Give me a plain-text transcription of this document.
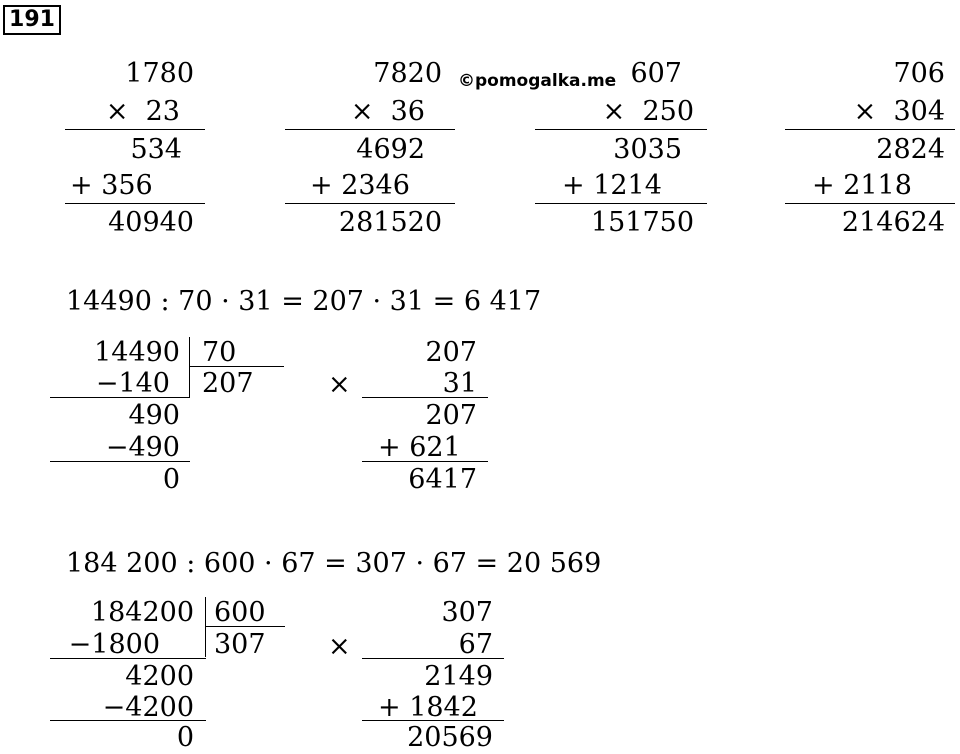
191
©pomogalka.me
1780
×  23
534
+ 356
40940
7820
×  36
4692
+ 2346
281520
607
×  250
3035
+ 1214
151750
706
×  304
2824
+ 2118
214624
14490 : 70 · 31 = 207 · 31 = 6 417
14490 70
207
−140
490
−490
0
×
207
31
207
+ 621
6417
184 200 : 600 · 67 = 307 · 67 = 20 569
184200 600
307
−1800
4200
−4200
0
×
307
67
2149
+ 1842
20569
